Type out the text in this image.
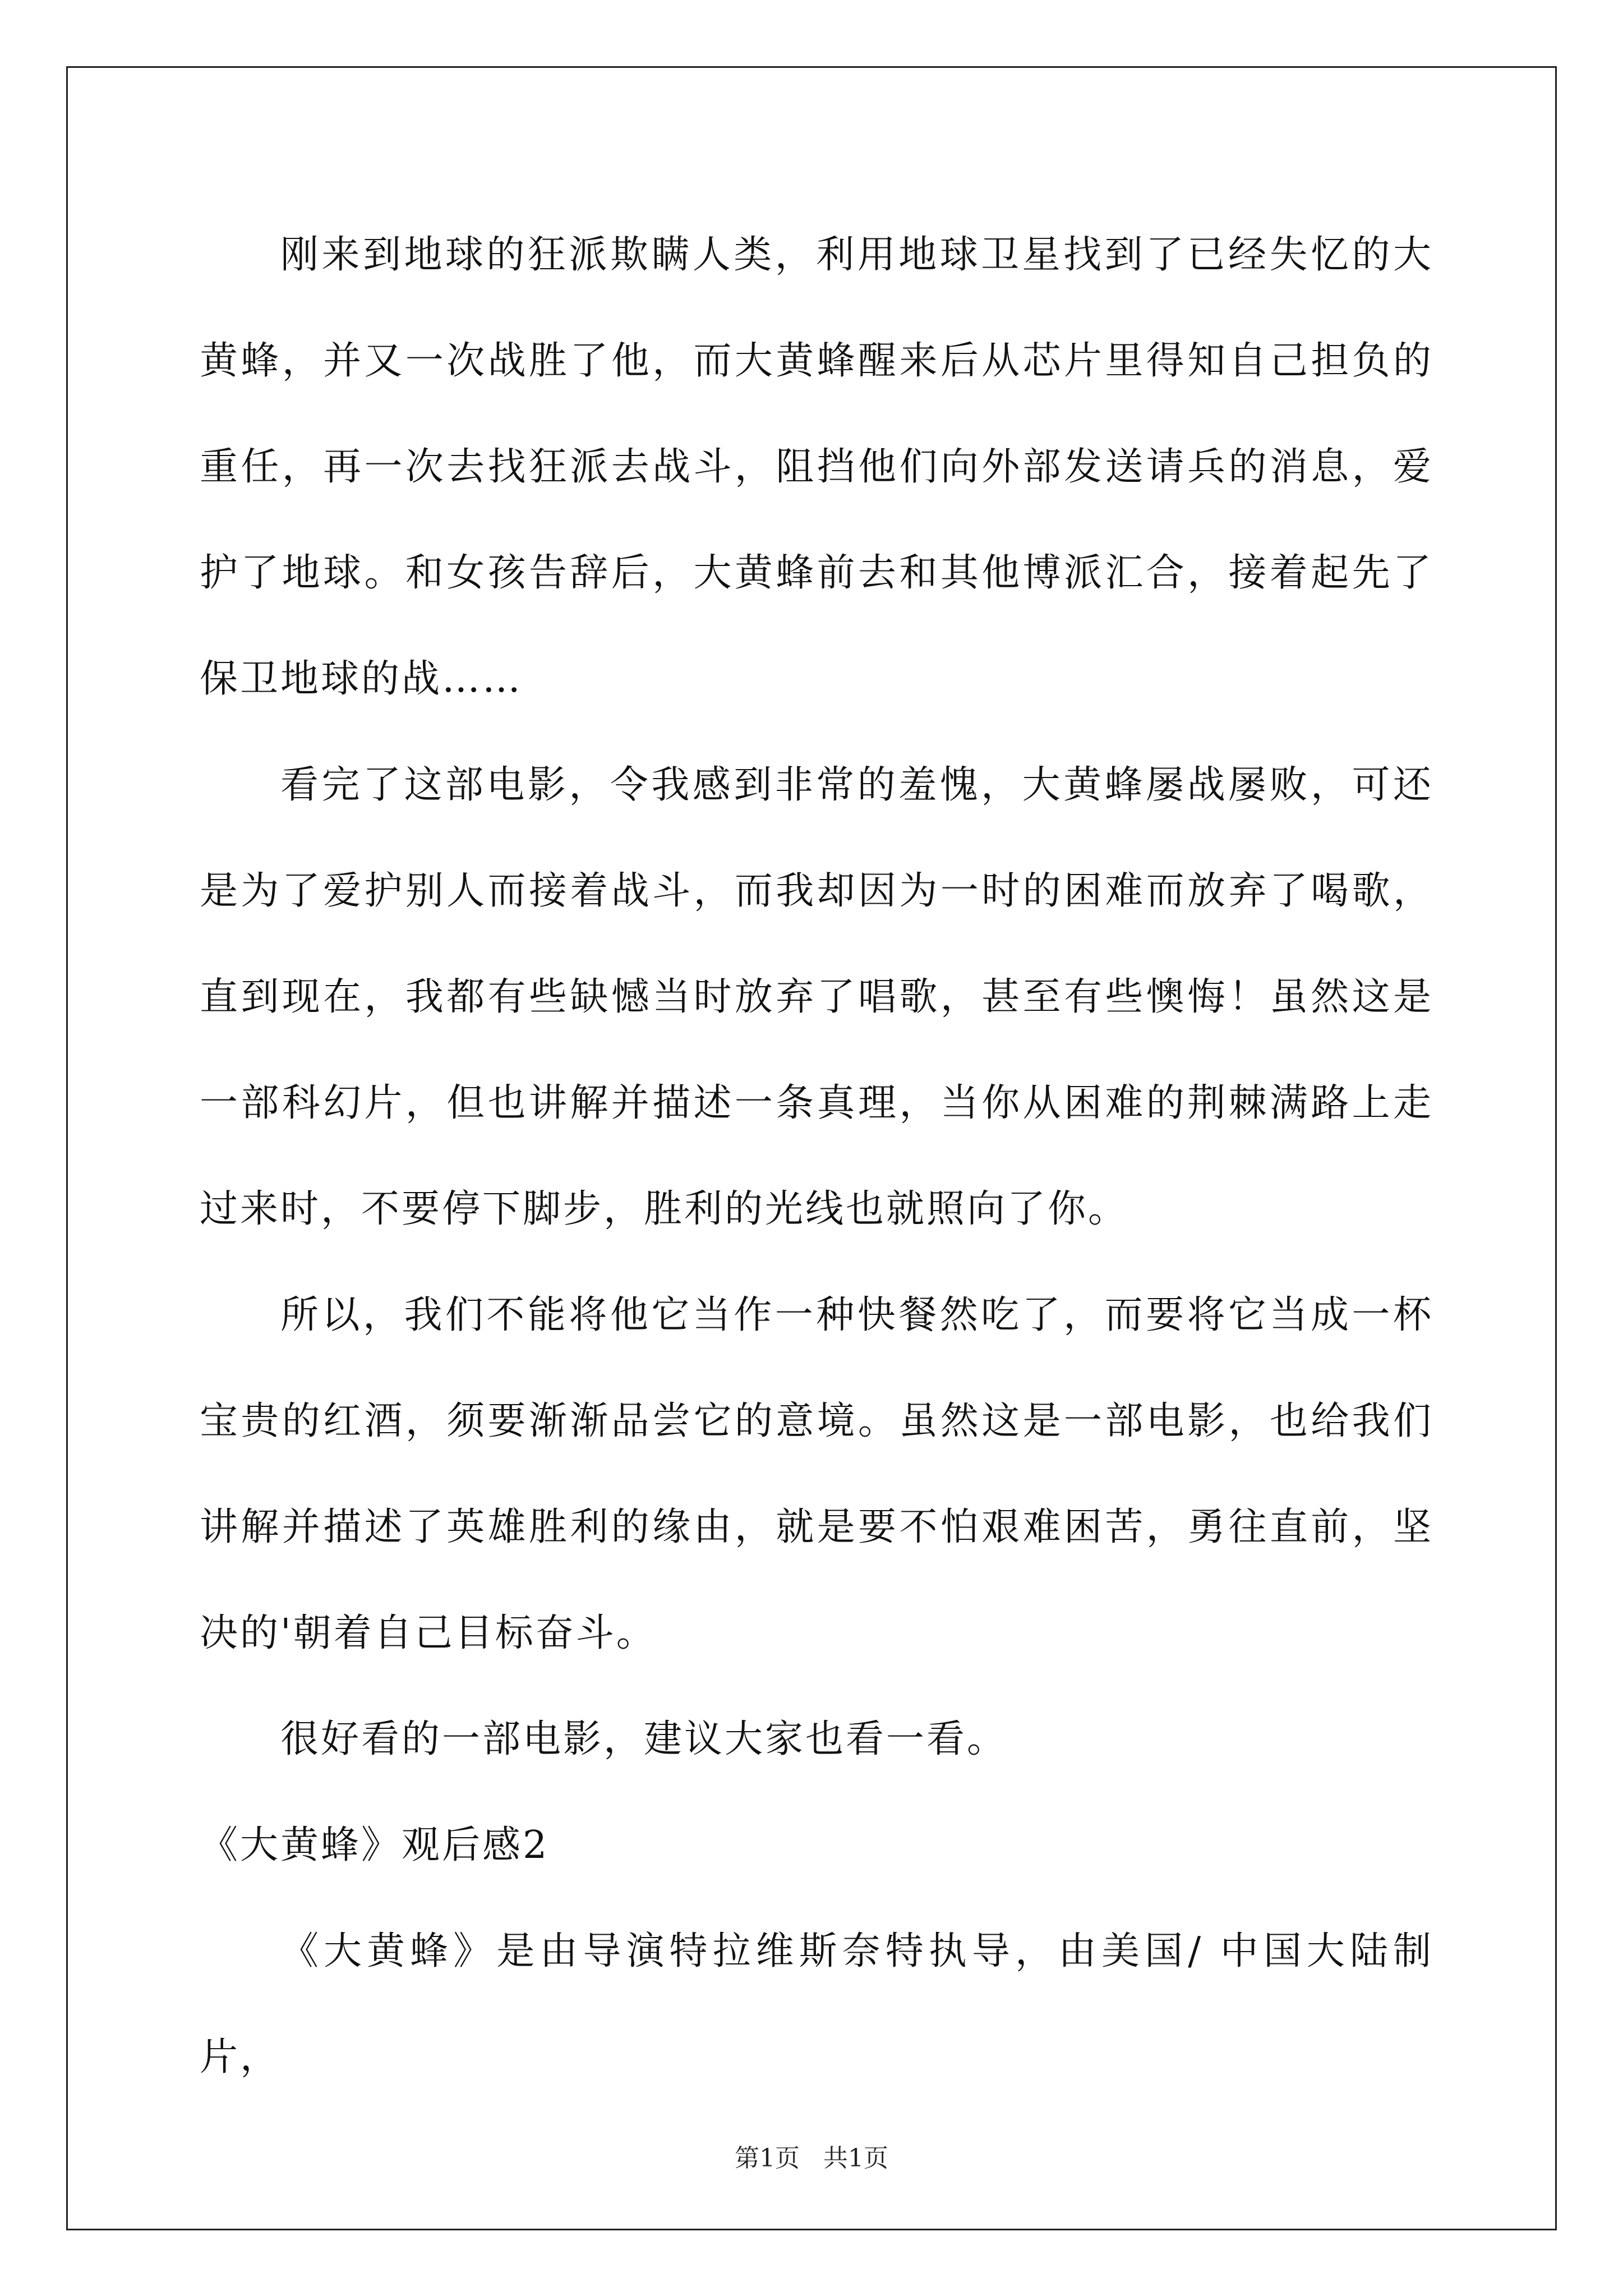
刚来到地球的狂派欺瞒人类，利用地球卫星找到了已经失忆的大黄蜂，并又一次战胜了他，而大黄蜂醒来后从芯片里得知自己担负的重任，再一次去找狂派去战斗，阻挡他们向外部发送请兵的消息，爱护了地球。和女孩告辞后，大黄蜂前去和其他博派汇合，接着起先了保卫地球的战……

看完了这部电影，令我感到非常的羞愧，大黄蜂屡战屡败，可还是为了爱护别人而接着战斗，而我却因为一时的困难而放弃了喝歌，直到现在，我都有些缺憾当时放弃了唱歌，甚至有些懊悔！虽然这是一部科幻片，但也讲解并描述一条真理，当你从困难的荆棘满路上走过来时，不要停下脚步，胜利的光线也就照向了你。

所以，我们不能将他它当作一种快餐然吃了，而要将它当成一杯宝贵的红酒，须要渐渐品尝它的意境。虽然这是一部电影，也给我们讲解并描述了英雄胜利的缘由，就是要不怕艰难困苦，勇往直前，坚决的'朝着自己目标奋斗。

很好看的一部电影，建议大家也看一看。

《大黄蜂》观后感2

《大黄蜂》是由导演特拉维斯奈特执导，由美国/ 中国大陆制片，

第1页 共1页
